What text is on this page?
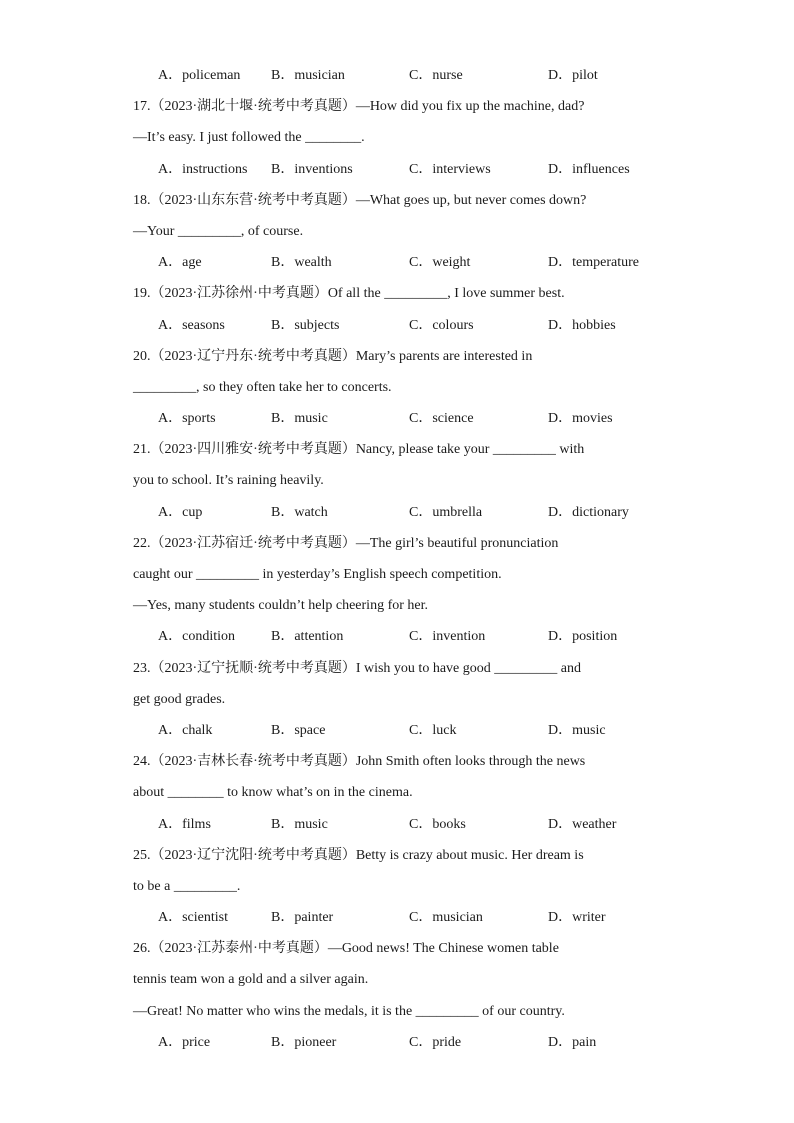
A．policeman B．musician	C．nurse	D．pilot
17.（2023·湖北十堰·统考中考真题）—How did you fix up the machine, dad?
—It’s easy. I just followed the ________.
A．instructions B．inventions	C．interviews	D．influences
18.（2023·山东东营·统考中考真题）—What goes up, but never comes down?
—Your _________, of course.
A．age	B．wealth	C．weight	D．temperature
19.（2023·江苏徐州·中考真题）Of all the _________, I love summer best.
A．seasons	B．subjects	C．colours	D．hobbies
20.（2023·辽宁丹东·统考中考真题）Mary’s parents are interested in
_________, so they often take her to concerts.
A．sports	B．music	C．science	D．movies
21.（2023·四川雅安·统考中考真题）Nancy, please take your _________ with
you to school. It’s raining heavily.
A．cup	B．watch	C．umbrella	D．dictionary
22.（2023·江苏宿迁·统考中考真题）—The girl’s beautiful pronunciation
caught our _________ in yesterday’s English speech competition.
—Yes, many students couldn’t help cheering for her.
A．condition	B．attention	C．invention	D．position
23.（2023·辽宁抚顺·统考中考真题）I wish you to have good _________ and
get good grades.
A．chalk	B．space	C．luck	D．music
24.（2023·吉林长春·统考中考真题）John Smith often looks through the news
about ________ to know what’s on in the cinema.
A．films	B．music	C．books	D．weather
25.（2023·辽宁沈阳·统考中考真题）Betty is crazy about music. Her dream is
to be a _________.
A．scientist	B．painter	C．musician	D．writer
26.（2023·江苏泰州·中考真题）—Good news! The Chinese women table
tennis team won a gold and a silver again.
—Great! No matter who wins the medals, it is the _________ of our country.
A．price	B．pioneer	C．pride	D．pain
